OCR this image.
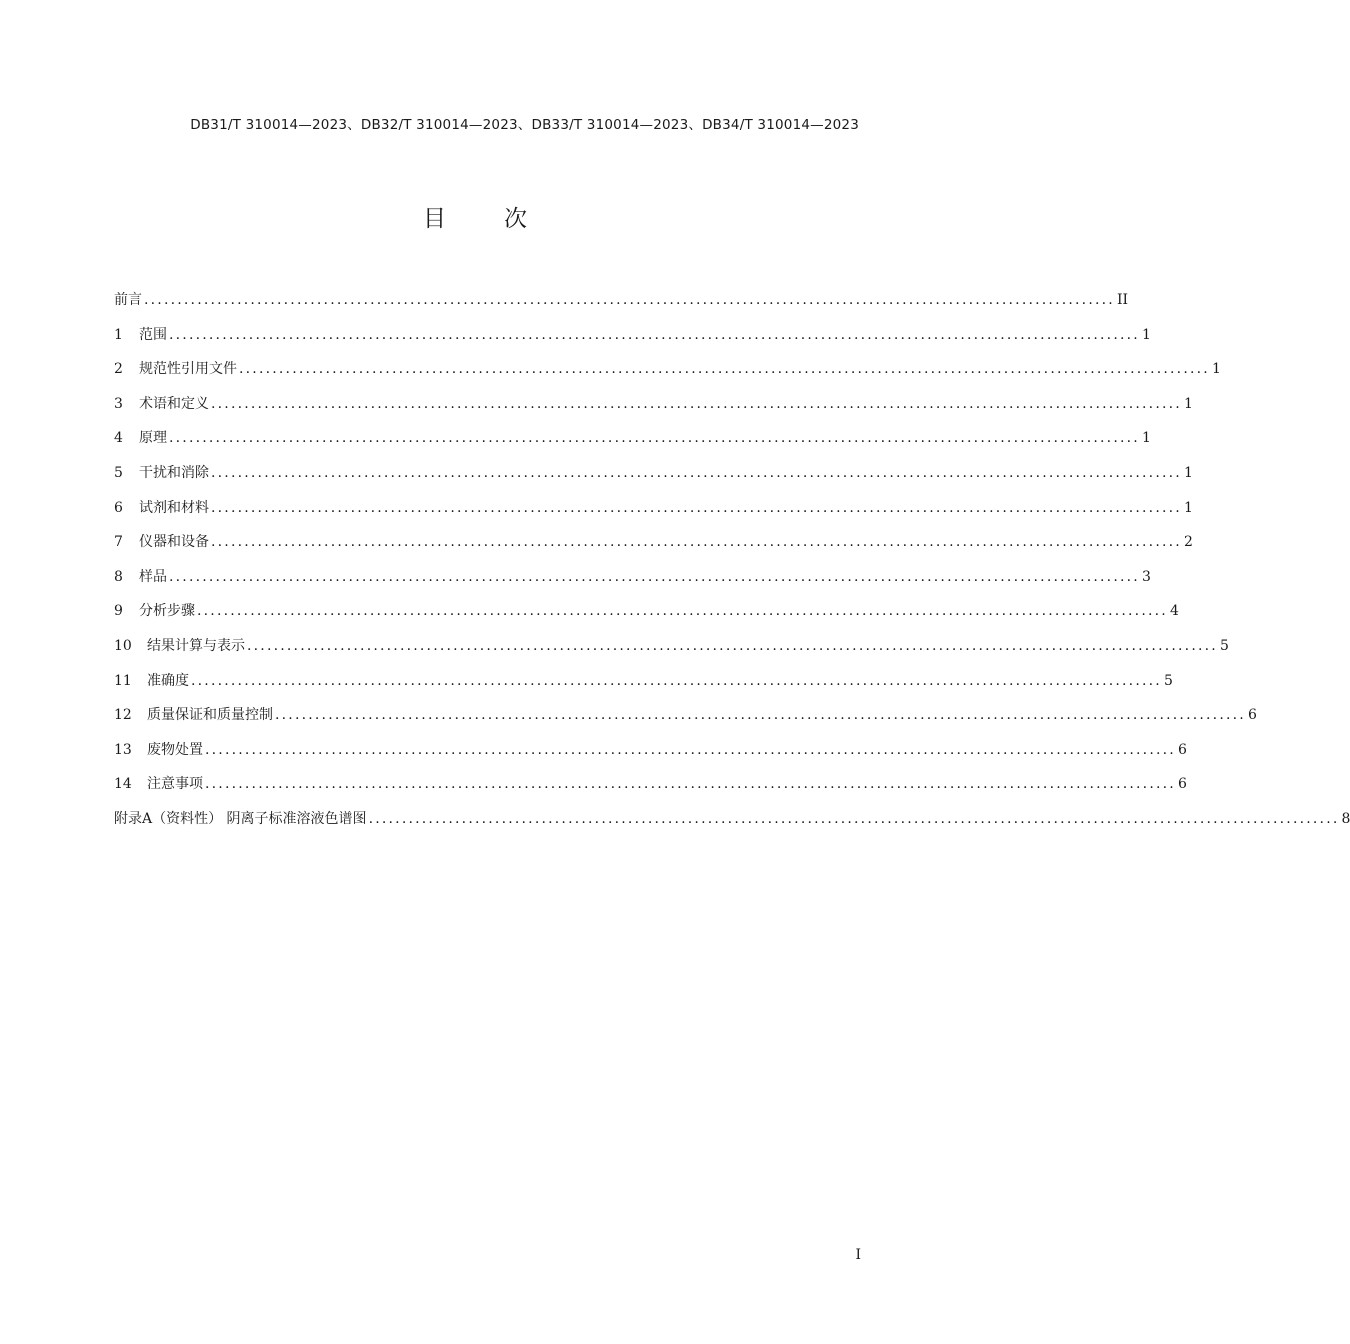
DB31/T 310014—2023、DB32/T 310014—2023、DB33/T 310014—2023、DB34/T 310014—2023
目	次
前言 .................................................................................................................................................. II
1	范围 .................................................................................................................................................. 1
2	规范性引用文件 .................................................................................................................................................. 1
3	术语和定义 .................................................................................................................................................. 1
4	原理 .................................................................................................................................................. 1
5	干扰和消除 .................................................................................................................................................. 1
6	试剂和材料 .................................................................................................................................................. 1
7	仪器和设备 .................................................................................................................................................. 2
8	样品 .................................................................................................................................................. 3
9	分析步骤 .................................................................................................................................................. 4
10	结果计算与表示 .................................................................................................................................................. 5
11	准确度 .................................................................................................................................................. 5
12	质量保证和质量控制 .................................................................................................................................................. 6
13	废物处置 .................................................................................................................................................. 6
14	注意事项 .................................................................................................................................................. 6
附录A（资料性） 阴离子标准溶液色谱图 .................................................................................................................................................. 8
I
